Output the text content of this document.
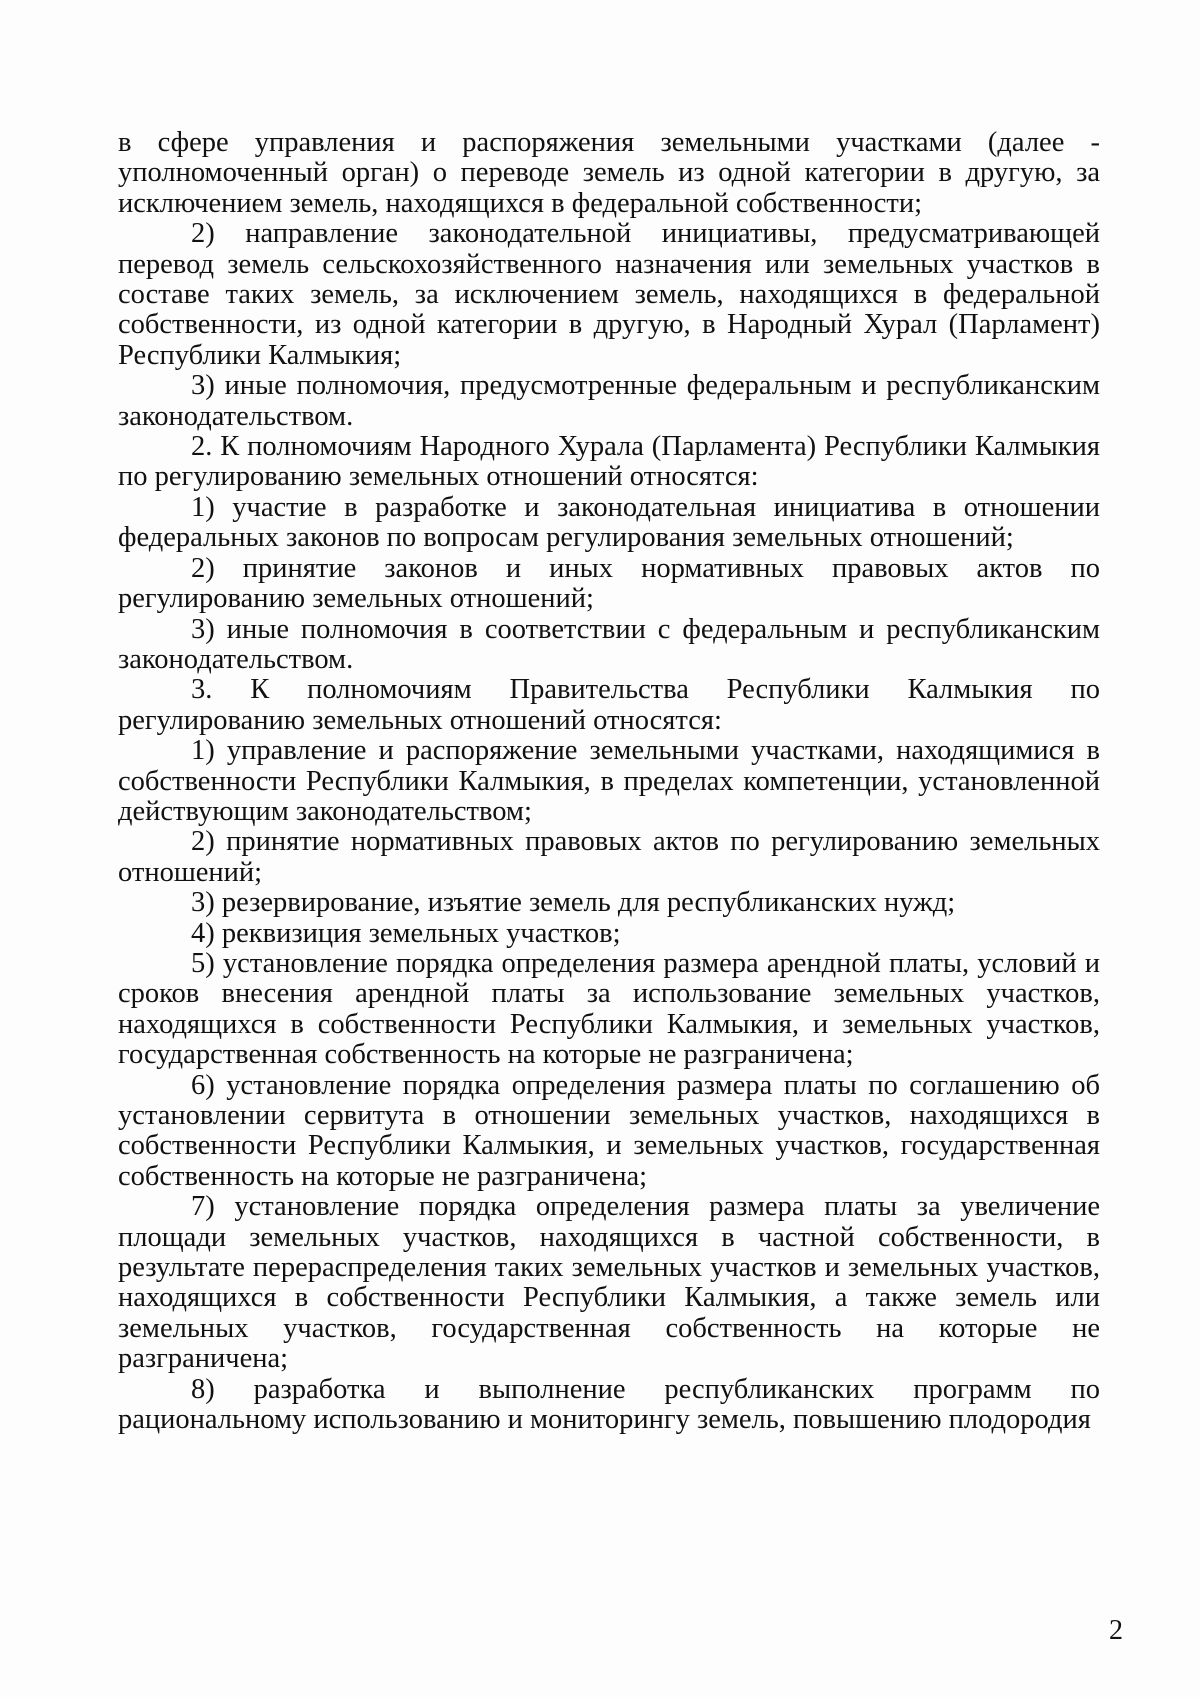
в сфере управления и распоряжения земельными участками (далее - уполномоченный орган) о переводе земель из одной категории в другую, за исключением земель, находящихся в федеральной собственности;

2) направление законодательной инициативы, предусматривающей перевод земель сельскохозяйственного назначения или земельных участков в составе таких земель, за исключением земель, находящихся в федеральной собственности, из одной категории в другую, в Народный Хурал (Парламент) Республики Калмыкия;

3) иные полномочия, предусмотренные федеральным и республиканским законодательством.

2. К полномочиям Народного Хурала (Парламента) Республики Калмыкия по регулированию земельных отношений относятся:

1) участие в разработке и законодательная инициатива в отношении федеральных законов по вопросам регулирования земельных отношений;

2) принятие законов и иных нормативных правовых актов по регулированию земельных отношений;

3) иные полномочия в соответствии с федеральным и республиканским законодательством.

3. К полномочиям Правительства Республики Калмыкия по регулированию земельных отношений относятся:

1) управление и распоряжение земельными участками, находящимися в собственности Республики Калмыкия, в пределах компетенции, установленной действующим законодательством;

2) принятие нормативных правовых актов по регулированию земельных отношений;

3) резервирование, изъятие земель для республиканских нужд;

4) реквизиция земельных участков;

5) установление порядка определения размера арендной платы, условий и сроков внесения арендной платы за использование земельных участков, находящихся в собственности Республики Калмыкия, и земельных участков, государственная собственность на которые не разграничена;

6) установление порядка определения размера платы по соглашению об установлении сервитута в отношении земельных участков, находящихся в собственности Республики Калмыкия, и земельных участков, государственная собственность на которые не разграничена;

7) установление порядка определения размера платы за увеличение площади земельных участков, находящихся в частной собственности, в результате перераспределения таких земельных участков и земельных участков, находящихся в собственности Республики Калмыкия, а также земель или земельных участков, государственная собственность на которые не разграничена;

8) разработка и выполнение республиканских программ по рациональному использованию и мониторингу земель, повышению плодородия

2
